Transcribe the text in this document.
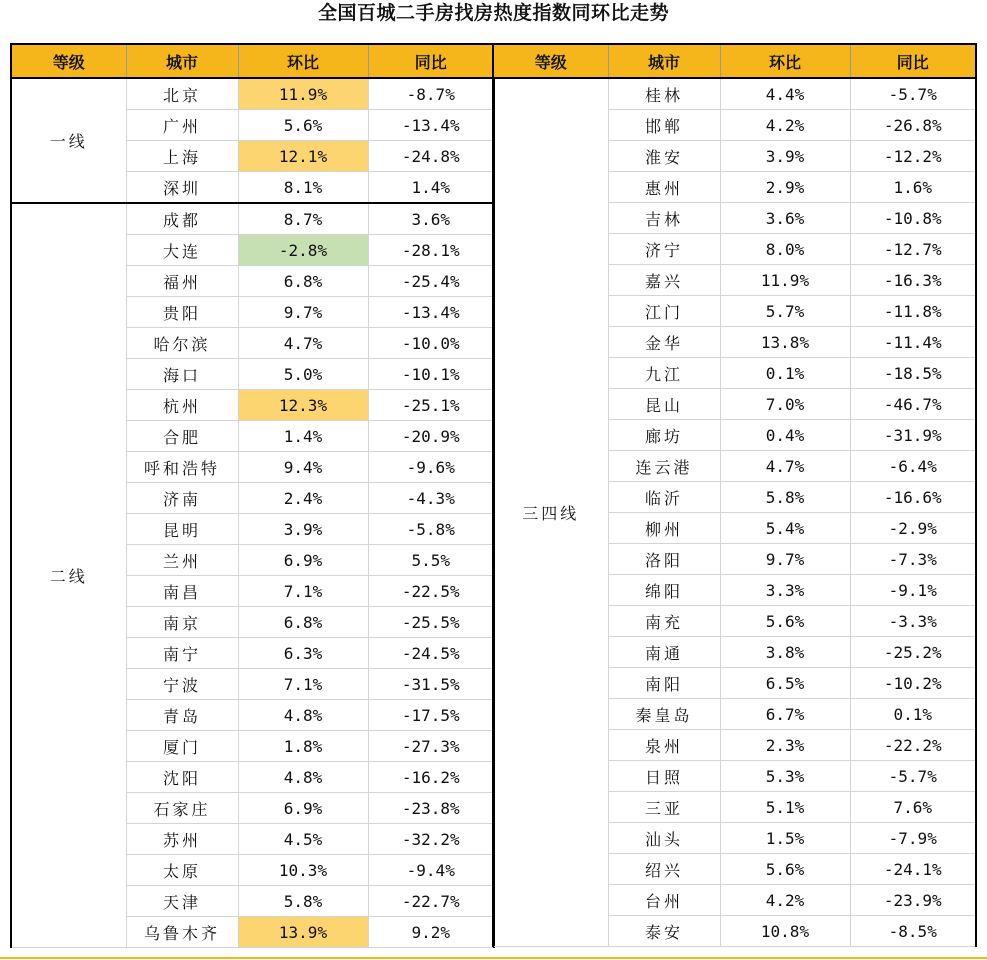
全国百城二手房找房热度指数同环比走势
等级	城市	环比	同比
一线	北京	11.9%	-8.7%
	广州	5.6%	-13.4%
	上海	12.1%	-24.8%
	深圳	8.1%	1.4%
二线	成都	8.7%	3.6%
	大连	-2.8%	-28.1%
	福州	6.8%	-25.4%
	贵阳	9.7%	-13.4%
	哈尔滨	4.7%	-10.0%
	海口	5.0%	-10.1%
	杭州	12.3%	-25.1%
	合肥	1.4%	-20.9%
	呼和浩特	9.4%	-9.6%
	济南	2.4%	-4.3%
	昆明	3.9%	-5.8%
	兰州	6.9%	5.5%
	南昌	7.1%	-22.5%
	南京	6.8%	-25.5%
	南宁	6.3%	-24.5%
	宁波	7.1%	-31.5%
	青岛	4.8%	-17.5%
	厦门	1.8%	-27.3%
	沈阳	4.8%	-16.2%
	石家庄	6.9%	-23.8%
	苏州	4.5%	-32.2%
	太原	10.3%	-9.4%
	天津	5.8%	-22.7%
	乌鲁木齐	13.9%	9.2%
等级	城市	环比	同比
三四线	桂林	4.4%	-5.7%
	邯郸	4.2%	-26.8%
	淮安	3.9%	-12.2%
	惠州	2.9%	1.6%
	吉林	3.6%	-10.8%
	济宁	8.0%	-12.7%
	嘉兴	11.9%	-16.3%
	江门	5.7%	-11.8%
	金华	13.8%	-11.4%
	九江	0.1%	-18.5%
	昆山	7.0%	-46.7%
	廊坊	0.4%	-31.9%
	连云港	4.7%	-6.4%
	临沂	5.8%	-16.6%
	柳州	5.4%	-2.9%
	洛阳	9.7%	-7.3%
	绵阳	3.3%	-9.1%
	南充	5.6%	-3.3%
	南通	3.8%	-25.2%
	南阳	6.5%	-10.2%
	秦皇岛	6.7%	0.1%
	泉州	2.3%	-22.2%
	日照	5.3%	-5.7%
	三亚	5.1%	7.6%
	汕头	1.5%	-7.9%
	绍兴	5.6%	-24.1%
	台州	4.2%	-23.9%
	泰安	10.8%	-8.5%
